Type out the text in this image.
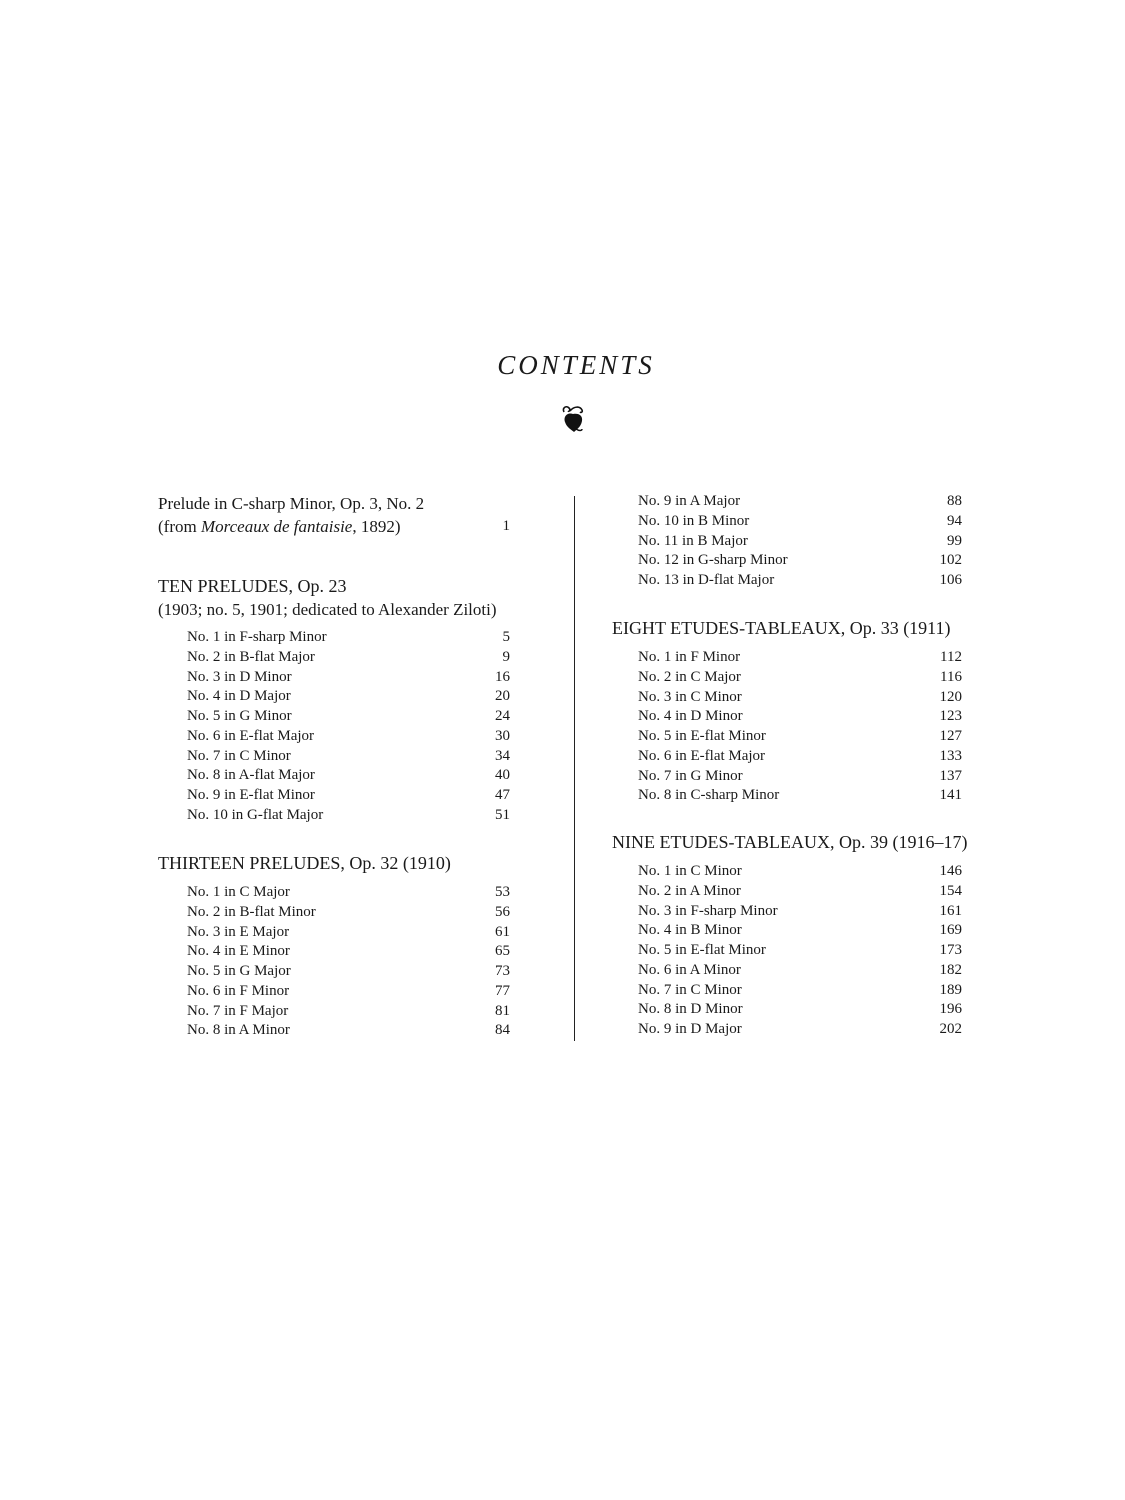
CONTENTS
Prelude in C-sharp Minor, Op. 3, No. 2
(from Morceaux de fantaisie, 1892)	1
TEN PRELUDES, Op. 23
(1903; no. 5, 1901; dedicated to Alexander Ziloti)
No. 1 in F-sharp Minor	5
No. 2 in B-flat Major	9
No. 3 in D Minor	16
No. 4 in D Major	20
No. 5 in G Minor	24
No. 6 in E-flat Major	30
No. 7 in C Minor	34
No. 8 in A-flat Major	40
No. 9 in E-flat Minor	47
No. 10 in G-flat Major	51
THIRTEEN PRELUDES, Op. 32 (1910)
No. 1 in C Major	53
No. 2 in B-flat Minor	56
No. 3 in E Major	61
No. 4 in E Minor	65
No. 5 in G Major	73
No. 6 in F Minor	77
No. 7 in F Major	81
No. 8 in A Minor	84
No. 9 in A Major	88
No. 10 in B Minor	94
No. 11 in B Major	99
No. 12 in G-sharp Minor	102
No. 13 in D-flat Major	106
EIGHT ETUDES-TABLEAUX, Op. 33 (1911)
No. 1 in F Minor	112
No. 2 in C Major	116
No. 3 in C Minor	120
No. 4 in D Minor	123
No. 5 in E-flat Minor	127
No. 6 in E-flat Major	133
No. 7 in G Minor	137
No. 8 in C-sharp Minor	141
NINE ETUDES-TABLEAUX, Op. 39 (1916–17)
No. 1 in C Minor	146
No. 2 in A Minor	154
No. 3 in F-sharp Minor	161
No. 4 in B Minor	169
No. 5 in E-flat Minor	173
No. 6 in A Minor	182
No. 7 in C Minor	189
No. 8 in D Minor	196
No. 9 in D Major	202
